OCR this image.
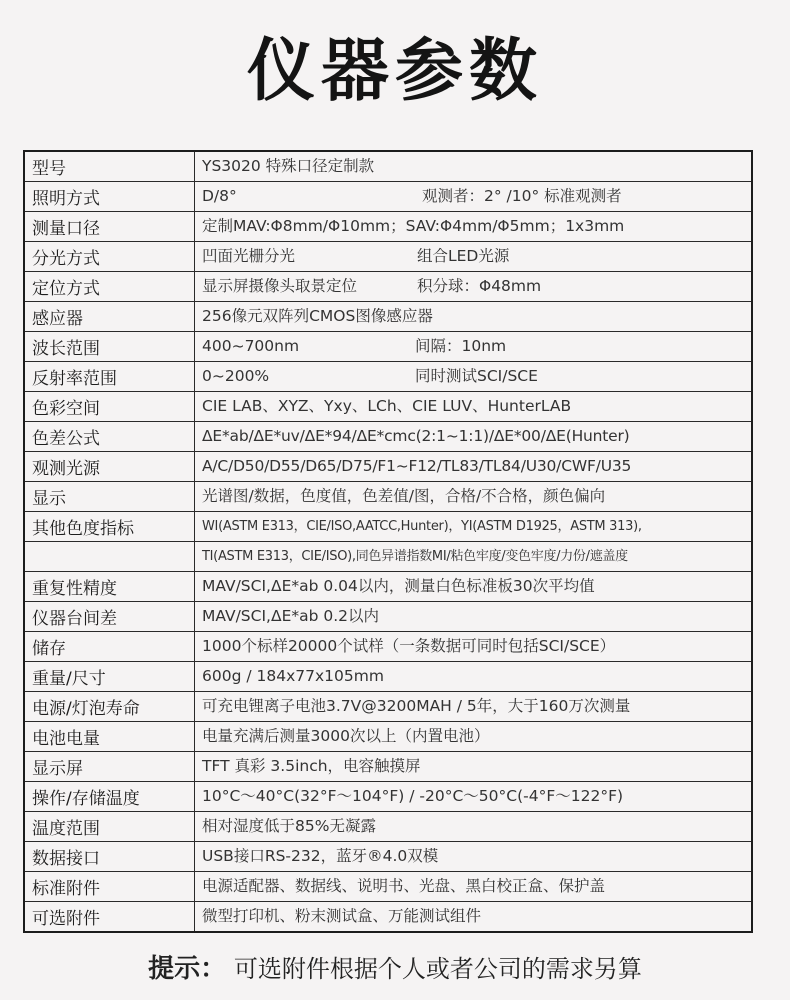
仪器参数
型号	YS3020 特殊口径定制款
照明方式	D/8° 观测者：2° /10° 标准观测者

测量口径	定制MAV:Φ8mm/Φ10mm；SAV:Φ4mm/Φ5mm；1x3mm
分光方式	凹面光栅分光 组合LED光源

定位方式	显示屏摄像头取景定位 积分球：Φ48mm

感应器	256像元双阵列CMOS图像感应器
波长范围	400~700nm 间隔：10nm

反射率范围	0~200% 同时测试SCI/SCE

色彩空间	CIE LAB、XYZ、Yxy、LCh、CIE LUV、HunterLAB
色差公式	ΔE*ab/ΔE*uv/ΔE*94/ΔE*cmc(2:1~1:1)/ΔE*00/ΔE(Hunter)
观测光源	A/C/D50/D55/D65/D75/F1~F12/TL83/TL84/U30/CWF/U35
显示	光谱图/数据，色度值，色差值/图，合格/不合格，颜色偏向
其他色度指标	WI(ASTM E313，CIE/ISO,AATCC,Hunter)，YI(ASTM D1925，ASTM 313),
	TI(ASTM E313，CIE/ISO),同色异谱指数MI/粘色牢度/变色牢度/力份/遮盖度
重复性精度	MAV/SCI,ΔE*ab 0.04以内，测量白色标准板30次平均值
仪器台间差	MAV/SCI,ΔE*ab 0.2以内
储存	1000个标样20000个试样（一条数据可同时包括SCI/SCE）
重量/尺寸	600g / 184x77x105mm
电源/灯泡寿命	可充电锂离子电池3.7V@3200MAH / 5年，大于160万次测量
电池电量	电量充满后测量3000次以上（内置电池）
显示屏	TFT 真彩 3.5inch，电容触摸屏
操作/存储温度	10°C～40°C(32°F～104°F) / -20°C～50°C(-4°F～122°F)
温度范围	相对湿度低于85%无凝露
数据接口	USB接口RS-232，蓝牙®4.0双模
标准附件	电源适配器、数据线、说明书、光盘、黑白校正盒、保护盖
可选附件	微型打印机、粉末测试盒、万能测试组件
提示： 可选附件根据个人或者公司的需求另算
